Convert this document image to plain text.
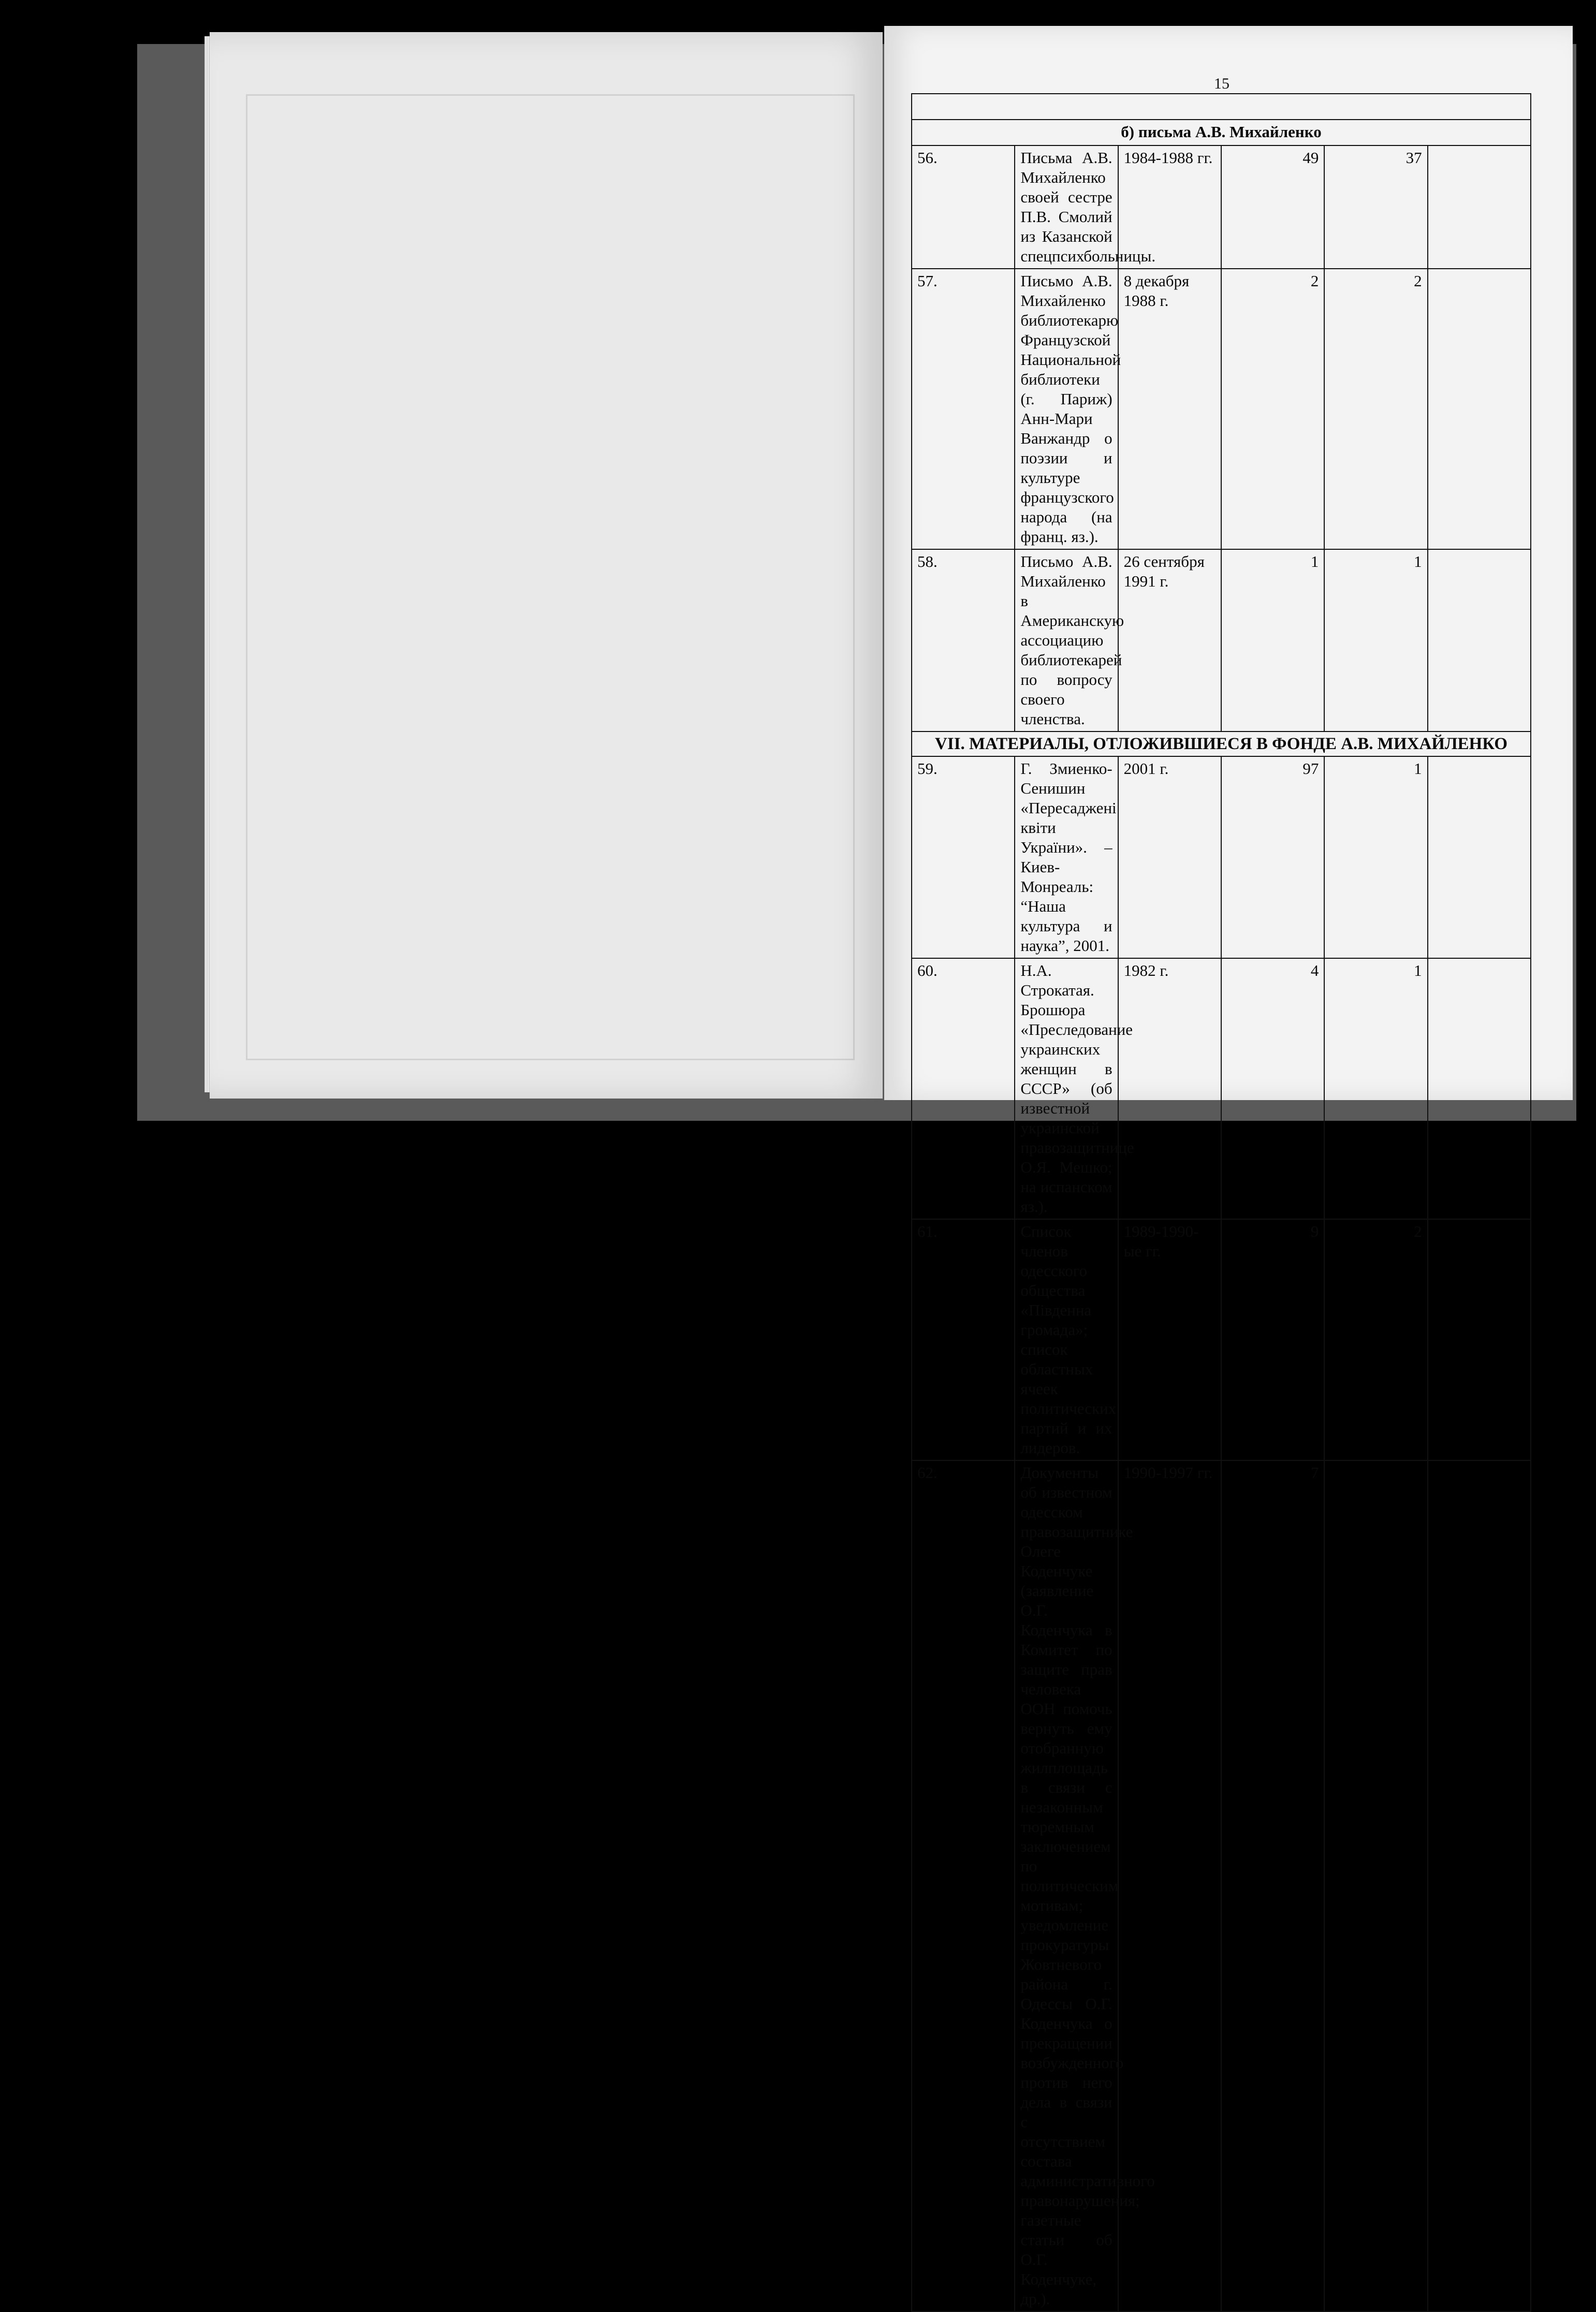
15

б) письма А.В. Михайленко					
56.	Письма А.В. Михайленко своей сестре П.В. Смолий из Казанской спецпсихбольницы.	1984-1988 гг.	49	37	
57.	Письмо А.В. Михайленко библиотекарю Французской Национальной библиотеки (г. Париж) Анн-Мари Ванжандр о поэзии и культуре французского народа (на франц. яз.).	8 декабря 1988 г.	2	2	
58.	Письмо А.В. Михайленко в Американскую ассоциацию библиотекарей по вопросу своего членства.	26 сентября 1991 г.	1	1	
VII. МАТЕРИАЛЫ, ОТЛОЖИВШИЕСЯ В ФОНДЕ А.В. МИХАЙЛЕНКО					
59.	Г. Змиенко-Сенишин «Пересаджені квіти України». – Киев-Монреаль: “Наша культура и наука”, 2001.	2001 г.	97	1	
60.	Н.А. Строкатая. Брошюра «Преследование украинских женщин в СССР» (об известной украинской правозащитнице О.Я. Мешко; на испанском яз.).	1982 г.	4	1	
61.	Список членов одесского общества «Південна громада»; список областных ячеек политических партий и их лидеров.	1989-1990-ые гг.	9	2	
62.	Документы об известном одесском правозащитнике Олеге Коденчуке (заявление О.Г. Коденчука в Комитет по защите прав человека ООН помочь вернуть ему отобранную жилплощадь в связи с незаконным тюремным заключением по политическим мотивам; уведомление прокуратуры Жовтневого района г. Одессы О.Г. Коденчука о прекращении возбужденного против него дела в связи с отсутствием состава административного правонарушения; газетные статьи об О.Г. Коденчуке, др.).	1990-1997 гг.	7		
